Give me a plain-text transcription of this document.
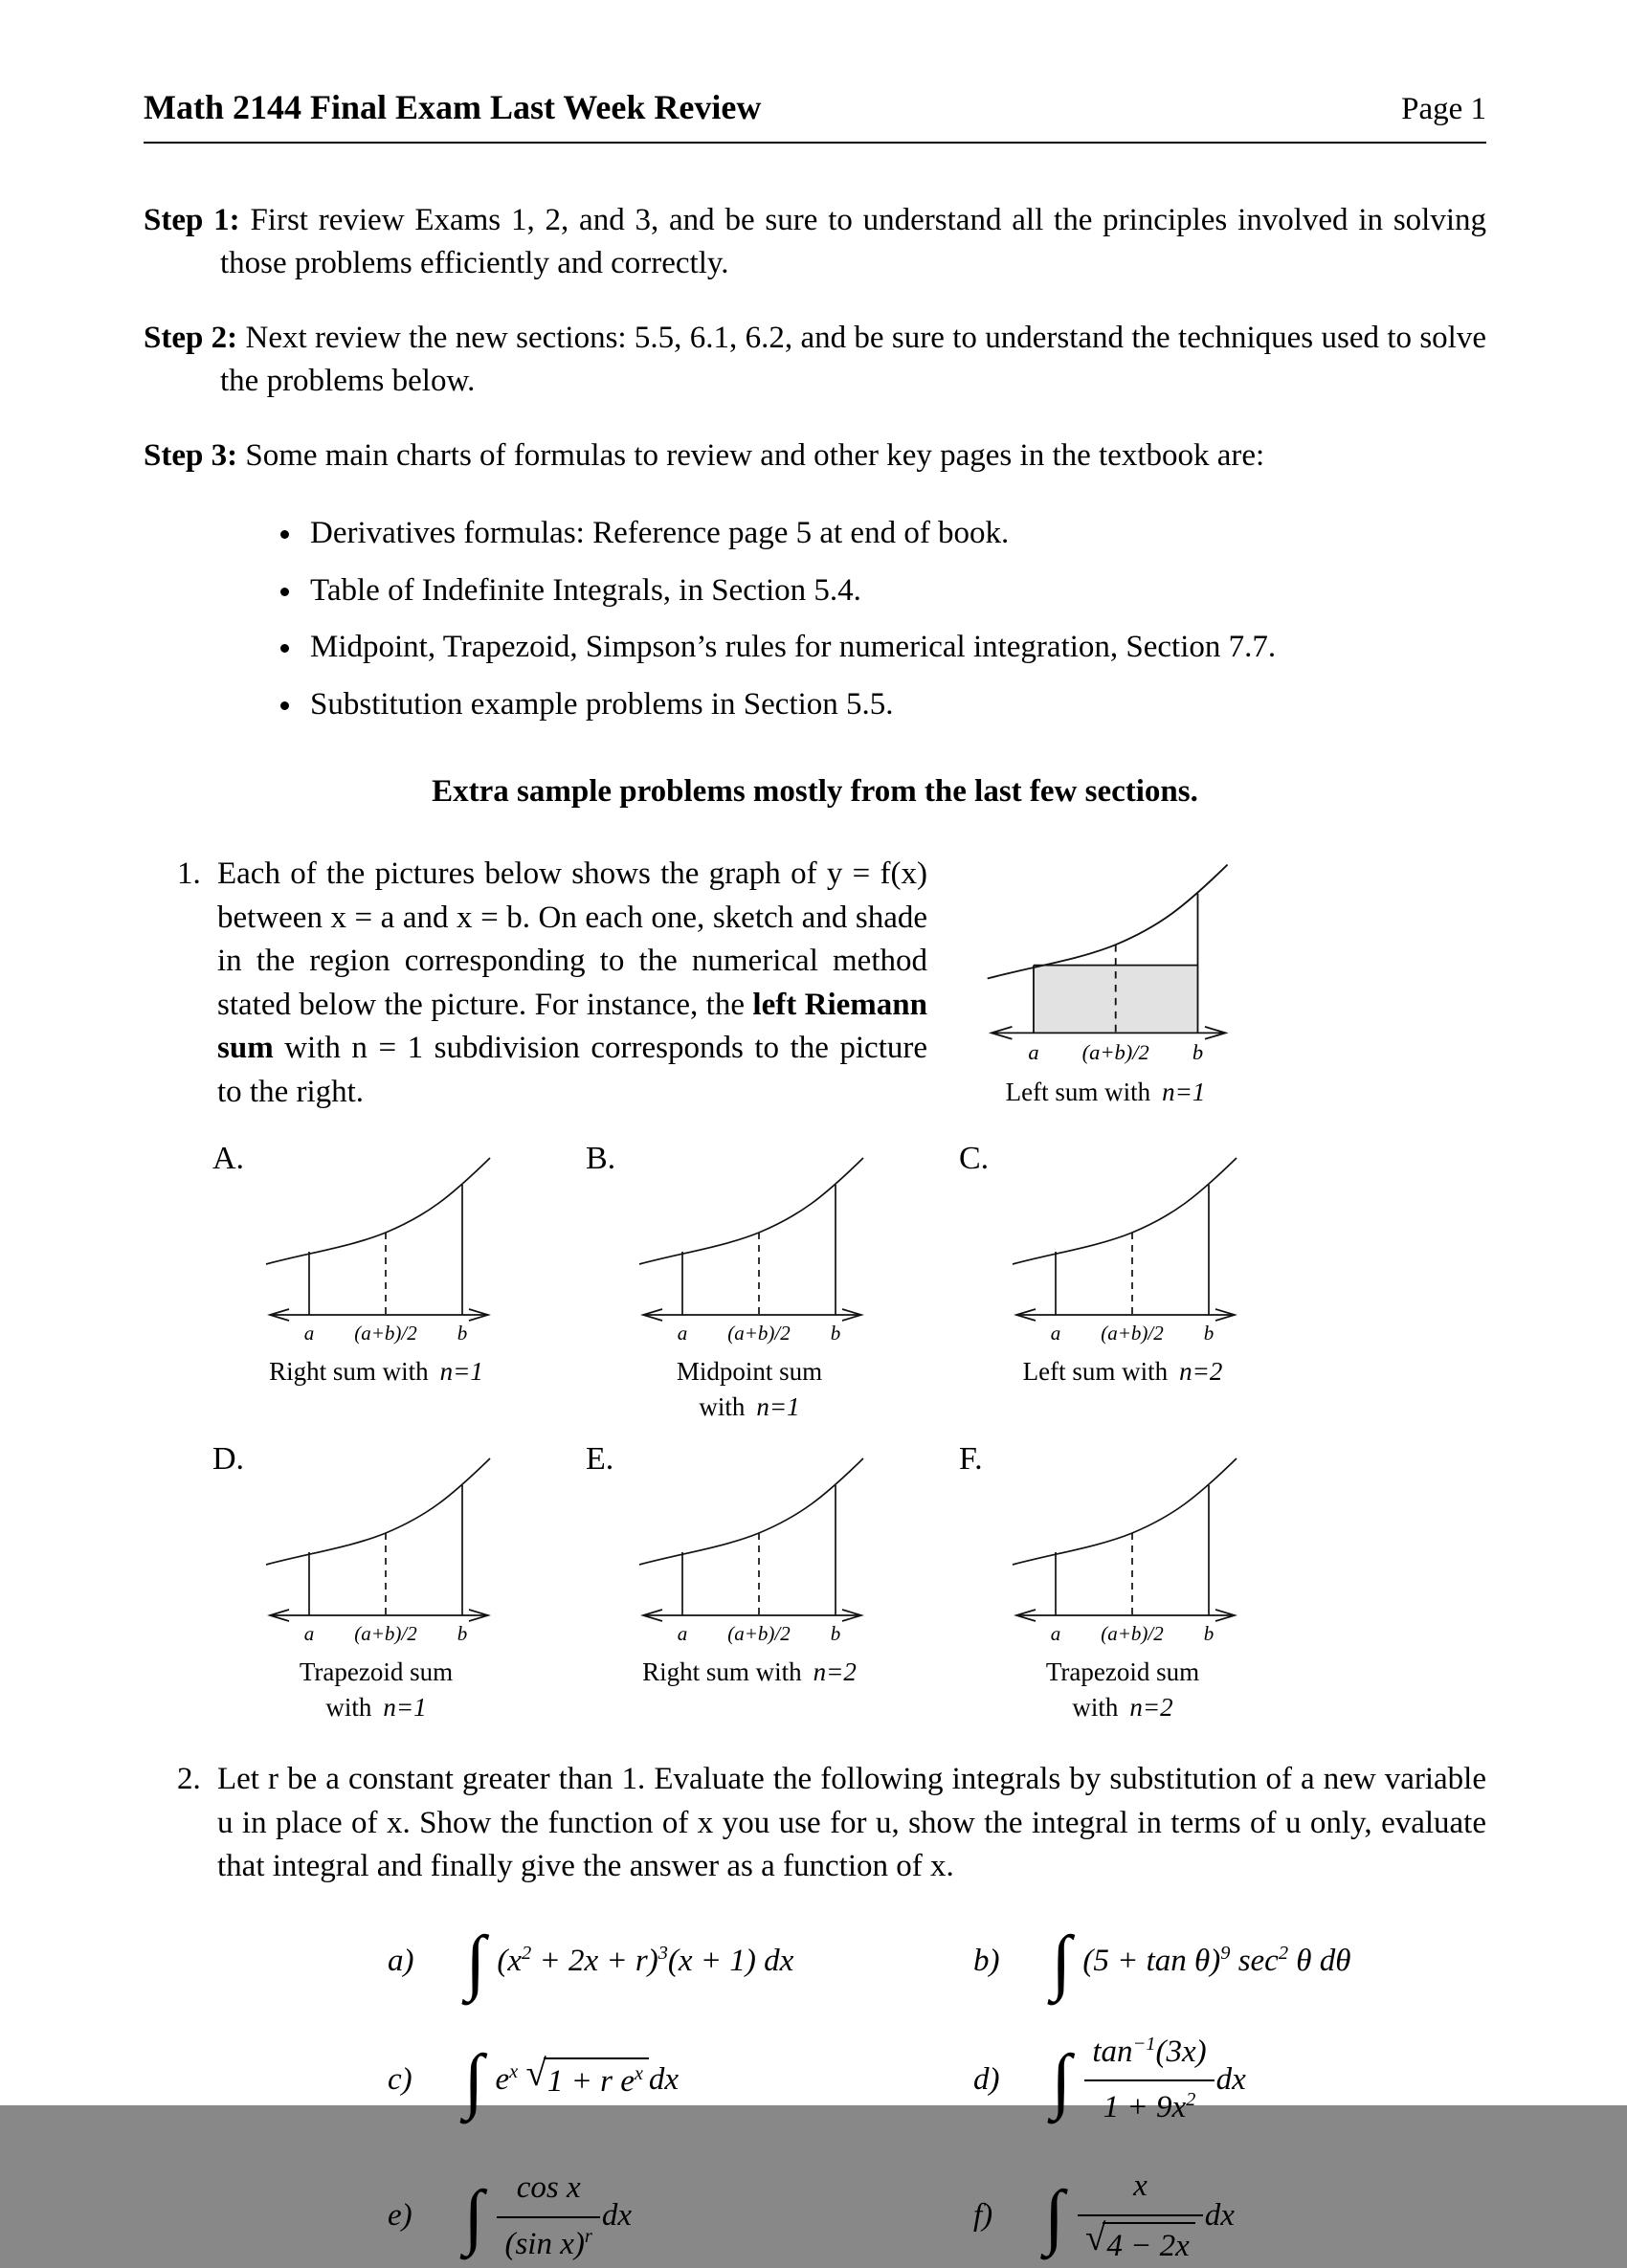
Math 2144 Final Exam Last Week Review	Page 1

Step 1: First review Exams 1, 2, and 3, and be sure to understand all the principles involved in solving those problems efficiently and correctly.

Step 2: Next review the new sections: 5.5, 6.1, 6.2, and be sure to understand the techniques used to solve the problems below.

Step 3: Some main charts of formulas to review and other key pages in the textbook are:

• Derivatives formulas: Reference page 5 at end of book.
• Table of Indefinite Integrals, in Section 5.4.
• Midpoint, Trapezoid, Simpson’s rules for numerical integration, Section 7.7.
• Substitution example problems in Section 5.5.
Extra sample problems mostly from the last few sections.
1. Each of the pictures below shows the graph of y = f(x) between x = a and x = b. On each one, sketch and shade in the region corresponding to the numerical method stated below the picture. For instance, the left Riemann sum with n = 1 subdivision corresponds to the picture to the right.
a (a+b)/2 b
Left sum with n=1
A.
a (a+b)/2 b
Right sum with n=1
B.
a (a+b)/2 b
Midpoint sum with n=1
C.
a (a+b)/2 b
Left sum with n=2
D.
a (a+b)/2 b
Trapezoid sum with n=1
E.
a (a+b)/2 b
Right sum with n=2
F.
a (a+b)/2 b
Trapezoid sum with n=2
2. Let r be a constant greater than 1. Evaluate the following integrals by substitution of a new variable u in place of x. Show the function of x you use for u, show the integral in terms of u only, evaluate that integral and finally give the answer as a function of x.
a) ∫ $(x^2 + 2x + r)^3(x + 1)$ dx	b) ∫ $(5 + \tan \theta)^9$ $\sec^2 \theta$ dθ
c) ∫ $e^x$ √ 1 + r $e^x$ dx	d) ∫ $\frac{\tan^{-1}(3x)}{1 + 9x^2}$ dx
e) ∫ $\frac{\text{cos x}}{(\sin x)^r}$ dx	f) ∫ $\frac{x}{√ 4 - 2x}$ dx
